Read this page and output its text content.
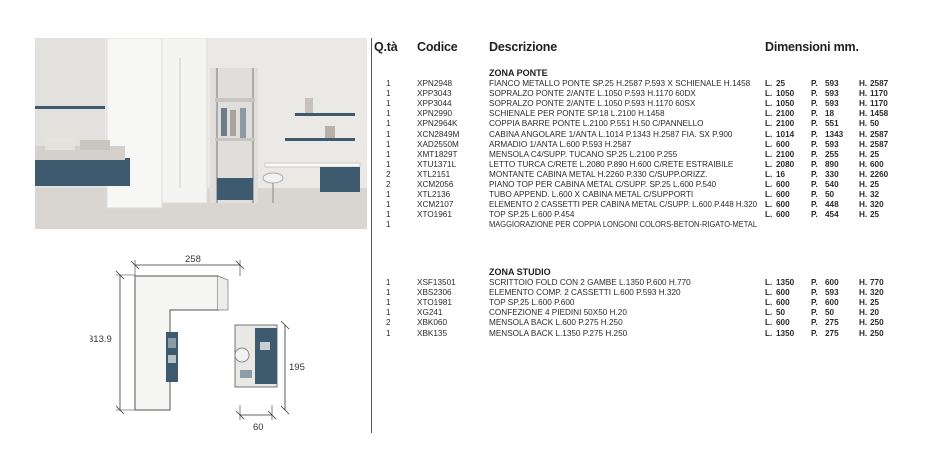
258
313.9
195
60
Q.tà Codice	Descrizione	Dimensioni mm.
ZONA PONTE
1	XPN2948	FIANCO METALLO PONTE SP.25 H.2587 P.593 X SCHIENALE H.1458 L. 25	P. 593 H. 2587
1	XPP3043	SOPRALZO PONTE 2/ANTE L.1050 P.593 H.1170 60DX	L. 1050 P. 593 H. 1170
1	XPP3044	SOPRALZO PONTE 2/ANTE L.1050 P.593 H.1170 60SX	L. 1050 P. 593 H. 1170
1	XPN2990	SCHIENALE PER PONTE SP.18 L.2100 H.1458	L. 2100 P. 18	H. 1458
1	XPN2964K	COPPIA BARRE PONTE L.2100 P.551 H.50 C/PANNELLO	L. 2100 P. 551 H. 50
1	XCN2849M	CABINA ANGOLARE 1/ANTA L.1014 P.1343 H.2587 FIA. SX P.900	L. 1014 P. 1343 H. 2587
1	XAD2550M	ARMADIO 1/ANTA L.600 P.593 H.2587	L. 600	P. 593 H. 2587
1	XMT1829T	MENSOLA C4/SUPP. TUCANO SP.25 L.2100 P.255	L. 2100 P. 255 H. 25
1	XTU1371L	LETTO TURCA C/RETE L.2080 P.890 H.600 C/RETE ESTRAIBILE	L. 2080 P. 890 H. 600
2	XTL2151	MONTANTE CABINA METAL H.2260 P.330 C/SUPP.ORIZZ.	L. 16	P. 330 H. 2260
2	XCM2056	PIANO TOP PER CABINA METAL C/SUPP. SP.25 L.600 P.540	L. 600	P. 540 H. 25
1	XTL2136	TUBO APPEND. L.600 X CABINA METAL C/SUPPORTI	L. 600	P. 50	H. 32
1	XCM2107	ELEMENTO 2 CASSETTI PER CABINA METAL C/SUPP. L.600 P.448 H.320 L. 600	P. 448 H. 320
1	XTO1961	TOP SP.25 L.600 P.454	L. 600	P. 454 H. 25
1	MAGGIORAZIONE PER COPPIA LONGONI COLORS-BETON-RIGATO-METAL
ZONA STUDIO
1	XSF13501	SCRITTOIO FOLD CON 2 GAMBE L.1350 P.600 H.770	L. 1350 P. 600 H. 770
1	XBS2306	ELEMENTO COMP. 2 CASSETTI L.600 P.593 H.320	L. 600	P. 593 H. 320
1	XTO1981	TOP SP.25 L.600 P.600	L. 600	P. 600 H. 25
1	XG241	CONFEZIONE 4 PIEDINI 50X50 H.20	L. 50	P. 50	H. 20
2	XBK060	MENSOLA BACK L.600 P.275 H.250	L. 600	P. 275 H. 250
1	XBK135	MENSOLA BACK L.1350 P.275 H.250	L. 1350 P. 275 H. 250
